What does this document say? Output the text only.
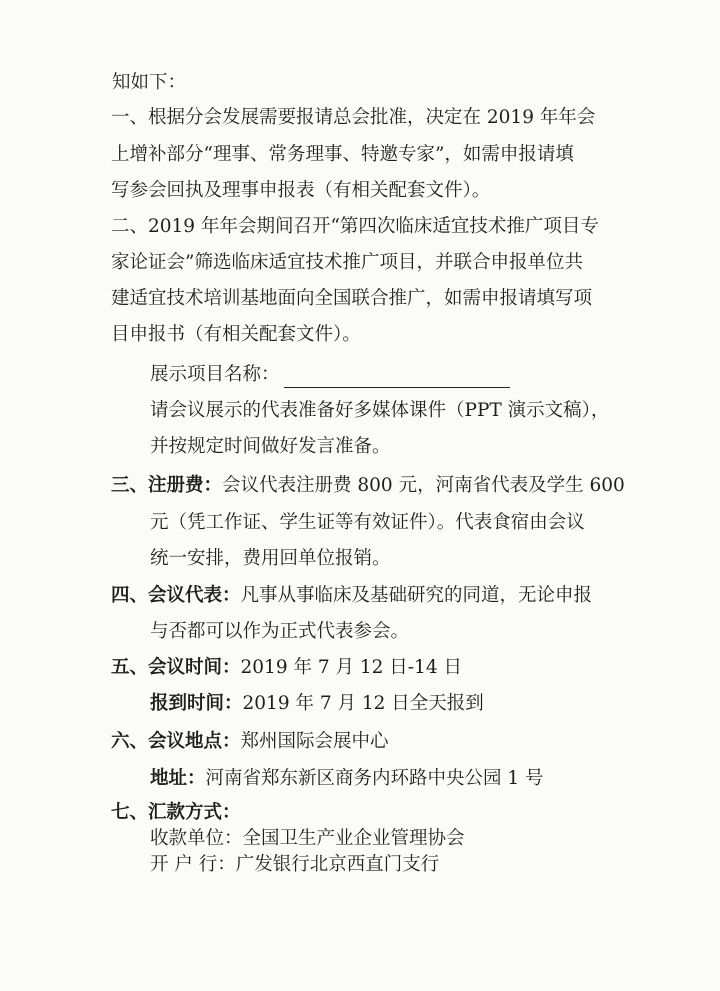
知如下：
一、根据分会发展需要报请总会批准，决定在 2019 年年会
上增补部分“理事、常务理事、特邀专家”，如需申报请填
写参会回执及理事申报表（有相关配套文件）。
二、2019 年年会期间召开“第四次临床适宜技术推广项目专
家论证会”筛选临床适宜技术推广项目，并联合申报单位共
建适宜技术培训基地面向全国联合推广，如需申报请填写项
目申报书（有相关配套文件）。
展示项目名称：
请会议展示的代表准备好多媒体课件（PPT 演示文稿），
并按规定时间做好发言准备。
三、注册费：会议代表注册费 800 元，河南省代表及学生 600
元（凭工作证、学生证等有效证件）。代表食宿由会议
统一安排，费用回单位报销。
四、会议代表：凡事从事临床及基础研究的同道，无论申报
与否都可以作为正式代表参会。
五、会议时间：2019 年 7 月 12 日-14 日
报到时间：2019 年 7 月 12 日全天报到
六、会议地点：郑州国际会展中心
地址：河南省郑东新区商务内环路中央公园 1 号
七、汇款方式：
收款单位：全国卫生产业企业管理协会
开 户 行：广发银行北京西直门支行
